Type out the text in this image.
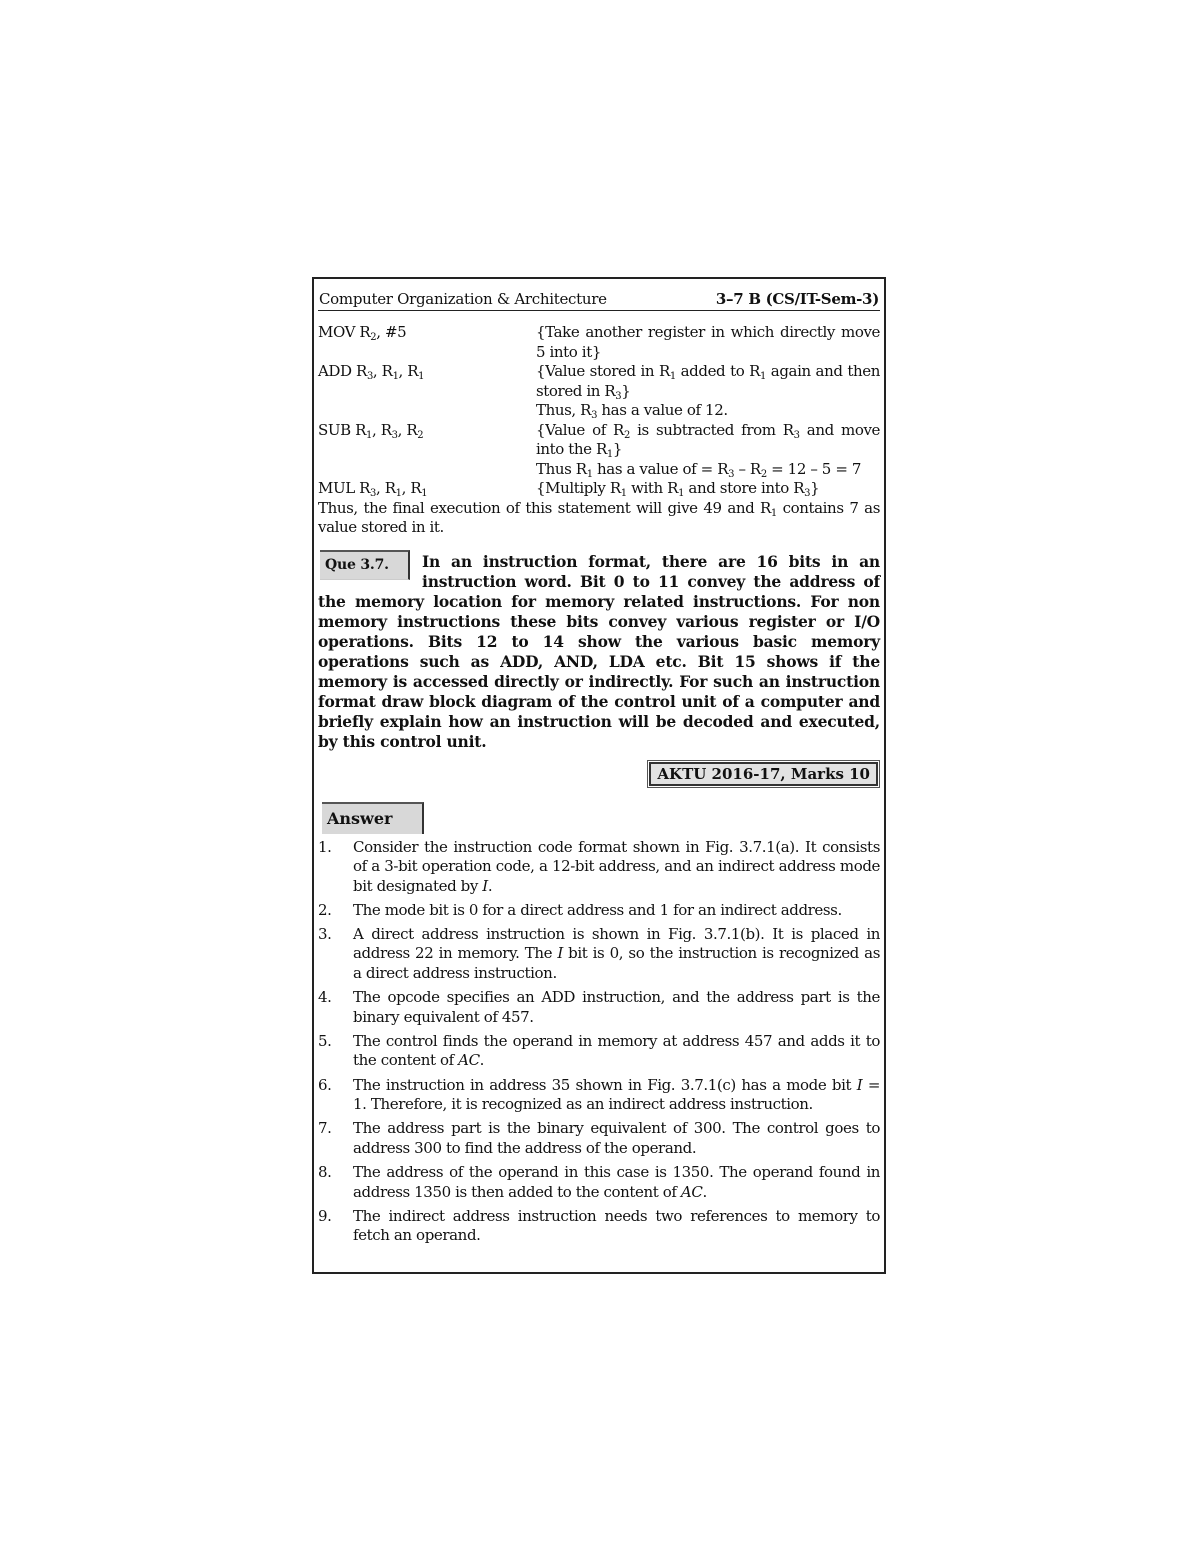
Computer Organization & Architecture	3–7 B (CS/IT-Sem-3)
MOV $R_2$, #5	{Take another register in which directly move 5 into it}
ADD $R_3$, $R_1$, $R_1$	{Value stored in $R_1$ added to $R_1$ again and then stored in $R_3$}
Thus, $R_3$ has a value of 12.
SUB $R_1$, $R_3$, $R_2$	{Value of $R_2$ is subtracted from $R_3$ and move into the $R_1$}
Thus $R_1$ has a value of = $R_3 - R_2 = 12 - 5 = 7$
MUL $R_3$, $R_1$, $R_1$	{Multiply $R_1$ with $R_1$ and store into $R_3$}
Thus, the final execution of this statement will give 49 and $R_1$ contains 7 as value stored in it.
Que 3.7.	In an instruction format, there are 16 bits in an instruction word. Bit 0 to 11 convey the address of the memory location for memory related instructions. For non memory instructions these bits convey various register or I/O operations. Bits 12 to 14 show the various basic memory operations such as ADD, AND, LDA etc. Bit 15 shows if the memory is accessed directly or indirectly. For such an instruction format draw block diagram of the control unit of a computer and briefly explain how an instruction will be decoded and executed, by this control unit.
AKTU 2016-17, Marks 10
Answer
1.	Consider the instruction code format shown in Fig. 3.7.1(a). It consists of a 3-bit operation code, a 12-bit address, and an indirect address mode bit designated by I.
2.	The mode bit is 0 for a direct address and 1 for an indirect address.
3.	A direct address instruction is shown in Fig. 3.7.1(b). It is placed in address 22 in memory. The I bit is 0, so the instruction is recognized as a direct address instruction.
4.	The opcode specifies an ADD instruction, and the address part is the binary equivalent of 457.
5.	The control finds the operand in memory at address 457 and adds it to the content of AC.
6.	The instruction in address 35 shown in Fig. 3.7.1(c) has a mode bit I = 1. Therefore, it is recognized as an indirect address instruction.
7.	The address part is the binary equivalent of 300. The control goes to address 300 to find the address of the operand.
8.	The address of the operand in this case is 1350. The operand found in address 1350 is then added to the content of AC.
9.	The indirect address instruction needs two references to memory to fetch an operand.
